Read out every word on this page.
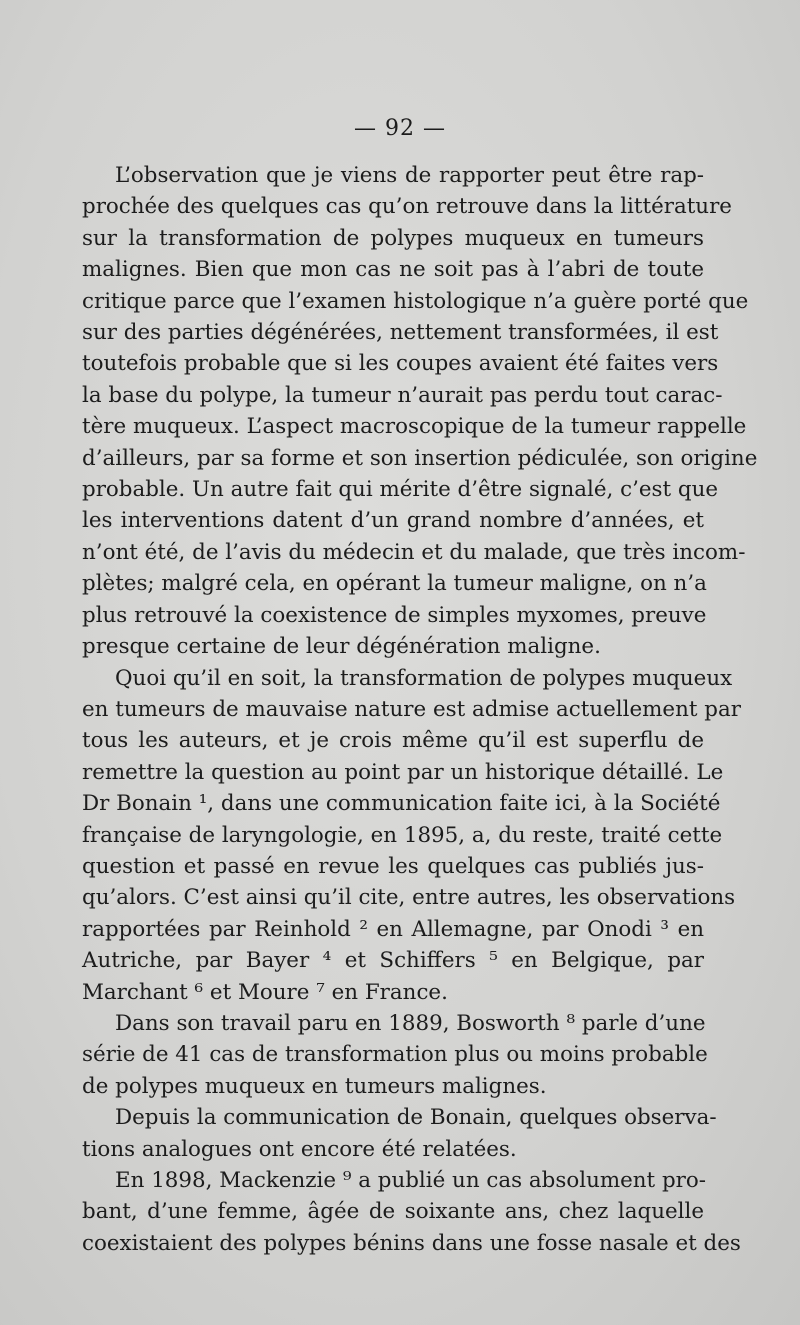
— 92 —
L’observation que je viens de rapporter peut être rap-
prochée des quelques cas qu’on retrouve dans la littérature
sur la transformation de polypes muqueux en tumeurs
malignes. Bien que mon cas ne soit pas à l’abri de toute
critique parce que l’examen histologique n’a guère porté que
sur des parties dégénérées, nettement transformées, il est
toutefois probable que si les coupes avaient été faites vers
la base du polype, la tumeur n’aurait pas perdu tout carac-
tère muqueux. L’aspect macroscopique de la tumeur rappelle
d’ailleurs, par sa forme et son insertion pédiculée, son origine
probable. Un autre fait qui mérite d’être signalé, c’est que
les interventions datent d’un grand nombre d’années, et
n’ont été, de l’avis du médecin et du malade, que très incom-
plètes; malgré cela, en opérant la tumeur maligne, on n’a
plus retrouvé la coexistence de simples myxomes, preuve
presque certaine de leur dégénération maligne.
Quoi qu’il en soit, la transformation de polypes muqueux
en tumeurs de mauvaise nature est admise actuellement par
tous les auteurs, et je crois même qu’il est superflu de
remettre la question au point par un historique détaillé. Le
Dr Bonain ¹, dans une communication faite ici, à la Société
française de laryngologie, en 1895, a, du reste, traité cette
question et passé en revue les quelques cas publiés jus-
qu’alors. C’est ainsi qu’il cite, entre autres, les observations
rapportées par Reinhold ² en Allemagne, par Onodi ³ en
Autriche, par Bayer ⁴ et Schiffers ⁵ en Belgique, par
Marchant ⁶ et Moure ⁷ en France.
Dans son travail paru en 1889, Bosworth ⁸ parle d’une
série de 41 cas de transformation plus ou moins probable
de polypes muqueux en tumeurs malignes.
Depuis la communication de Bonain, quelques observa-
tions analogues ont encore été relatées.
En 1898, Mackenzie ⁹ a publié un cas absolument pro-
bant, d’une femme, âgée de soixante ans, chez laquelle
coexistaient des polypes bénins dans une fosse nasale et des
